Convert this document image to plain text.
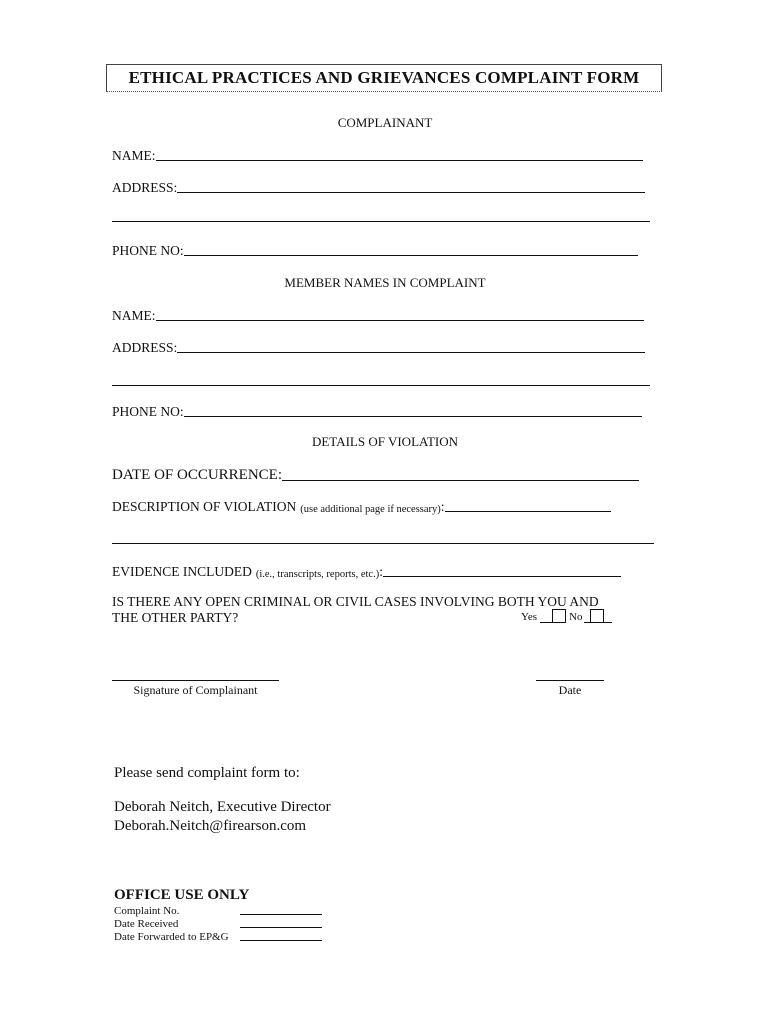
ETHICAL PRACTICES AND GRIEVANCES COMPLAINT FORM
COMPLAINANT
NAME:
ADDRESS:
PHONE NO:
MEMBER NAMES IN COMPLAINT
NAME:
ADDRESS:
PHONE NO:
DETAILS OF VIOLATION
DATE OF OCCURRENCE:
DESCRIPTION OF VIOLATION (use additional page if necessary) :
EVIDENCE INCLUDED (i.e., transcripts, reports, etc.) :
IS THERE ANY OPEN CRIMINAL OR CIVIL CASES INVOLVING BOTH YOU AND
THE OTHER PARTY?	Yes	No
Signature of Complainant	Date
Please send complaint form to:
Deborah Neitch, Executive Director
Deborah.Neitch@firearson.com
OFFICE USE ONLY
Complaint No.
Date Received
Date Forwarded to EP&G
